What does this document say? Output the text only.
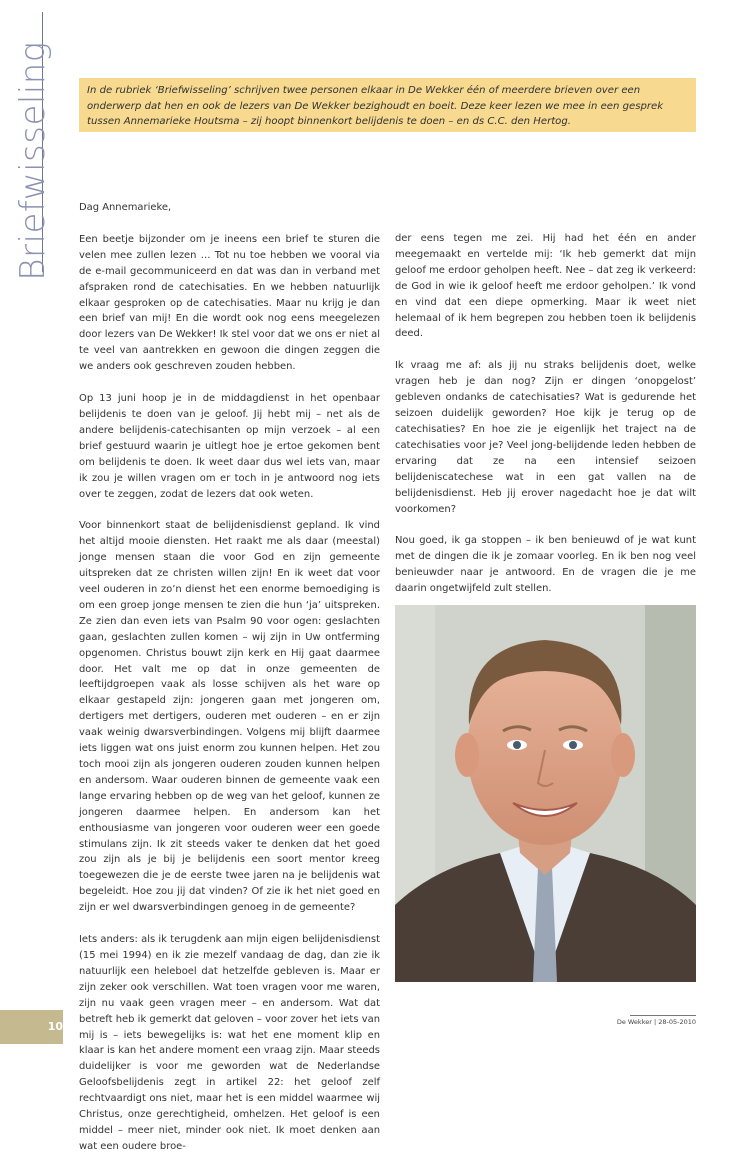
Briefwisseling	In de rubriek ‘Briefwisseling’ schrijven twee personen elkaar in De Wekker één of meerdere brieven over een onderwerp dat hen en ook de lezers van De Wekker bezighoudt en boeit. Deze keer lezen we mee in een gesprek tussen Annemarieke Houtsma – zij hoopt binnenkort belijdenis te doen – en ds C.C. den Hertog.

Dag Annemarieke,

Een beetje bijzonder om je ineens een brief te sturen die velen mee zullen lezen … Tot nu toe hebben we vooral via de e-mail gecommuniceerd en dat was dan in verband met afspraken rond de catechisaties. En we hebben natuurlijk elkaar gesproken op de catechisaties. Maar nu krijg je dan een brief van mij! En die wordt ook nog eens meegelezen door lezers van De Wekker! Ik stel voor dat we ons er niet al te veel van aantrekken en gewoon die dingen zeggen die we anders ook geschreven zouden hebben.

Op 13 juni hoop je in de middagdienst in het openbaar belijdenis te doen van je geloof. Jij hebt mij – net als de andere belijdenis-catechisanten op mijn verzoek – al een brief gestuurd waarin je uitlegt hoe je ertoe gekomen bent om belijdenis te doen. Ik weet daar dus wel iets van, maar ik zou je willen vragen om er toch in je antwoord nog iets over te zeggen, zodat de lezers dat ook weten.

Voor binnenkort staat de belijdenisdienst gepland. Ik vind het altijd mooie diensten. Het raakt me als daar (meestal) jonge mensen staan die voor God en zijn gemeente uitspreken dat ze christen willen zijn! En ik weet dat voor veel ouderen in zo’n dienst het een enorme bemoediging is om een groep jonge mensen te zien die hun ‘ja’ uitspreken. Ze zien dan even iets van Psalm 90 voor ogen: geslachten gaan, geslachten zullen komen – wij zijn in Uw ontferming opgenomen. Christus bouwt zijn kerk en Hij gaat daarmee door. Het valt me op dat in onze gemeenten de leeftijdgroepen vaak als losse schijven als het ware op elkaar gestapeld zijn: jongeren gaan met jongeren om, dertigers met dertigers, ouderen met ouderen – en er zijn vaak weinig dwarsverbindingen. Volgens mij blijft daarmee iets liggen wat ons juist enorm zou kunnen helpen. Het zou toch mooi zijn als jongeren ouderen zouden kunnen helpen en andersom. Waar ouderen binnen de gemeente vaak een lange ervaring hebben op de weg van het geloof, kunnen ze jongeren daarmee helpen. En andersom kan het enthousiasme van jongeren voor ouderen weer een goede stimulans zijn. Ik zit steeds vaker te denken dat het goed zou zijn als je bij je belijdenis een soort mentor kreeg toegewezen die je de eerste twee jaren na je belijdenis wat begeleidt. Hoe zou jij dat vinden? Of zie ik het niet goed en zijn er wel dwarsverbindingen genoeg in de gemeente?

Iets anders: als ik terugdenk aan mijn eigen belijdenisdienst (15 mei 1994) en ik zie mezelf vandaag de dag, dan zie ik natuurlijk een heleboel dat hetzelfde gebleven is. Maar er zijn zeker ook verschillen. Wat toen vragen voor me waren, zijn nu vaak geen vragen meer – en andersom. Wat dat betreft heb ik gemerkt dat geloven – voor zover het iets van mij is – iets bewegelijks is: wat het ene moment klip en klaar is kan het andere moment een vraag zijn. Maar steeds duidelijker is voor me geworden wat de Nederlandse Geloofsbelijdenis zegt in artikel 22: het geloof zelf rechtvaardigt ons niet, maar het is een middel waarmee wij Christus, onze gerechtigheid, omhelzen. Het geloof is een middel – meer niet, minder ook niet. Ik moet denken aan wat een oudere broe-

der eens tegen me zei. Hij had het één en ander meegemaakt en vertelde mij: ‘Ik heb gemerkt dat mijn geloof me erdoor geholpen heeft. Nee – dat zeg ik verkeerd: de God in wie ik geloof heeft me erdoor geholpen.’ Ik vond en vind dat een diepe opmerking. Maar ik weet niet helemaal of ik hem begrepen zou hebben toen ik belijdenis deed.

Ik vraag me af: als jij nu straks belijdenis doet, welke vragen heb je dan nog? Zijn er dingen ‘onopgelost’ gebleven ondanks de catechisaties? Wat is gedurende het seizoen duidelijk geworden? Hoe kijk je terug op de catechisaties? En hoe zie je eigenlijk het traject na de catechisaties voor je? Veel jong-belijdende leden hebben de ervaring dat ze na een intensief seizoen belijdeniscatechese wat in een gat vallen na de belijdenisdienst. Heb jij erover nagedacht hoe je dat wilt voorkomen?

Nou goed, ik ga stoppen – ik ben benieuwd of je wat kunt met de dingen die ik je zomaar voorleg. En ik ben nog veel benieuwder naar je antwoord. En de vragen die je me daarin ongetwijfeld zult stellen.

10	De Wekker | 28-05-2010
